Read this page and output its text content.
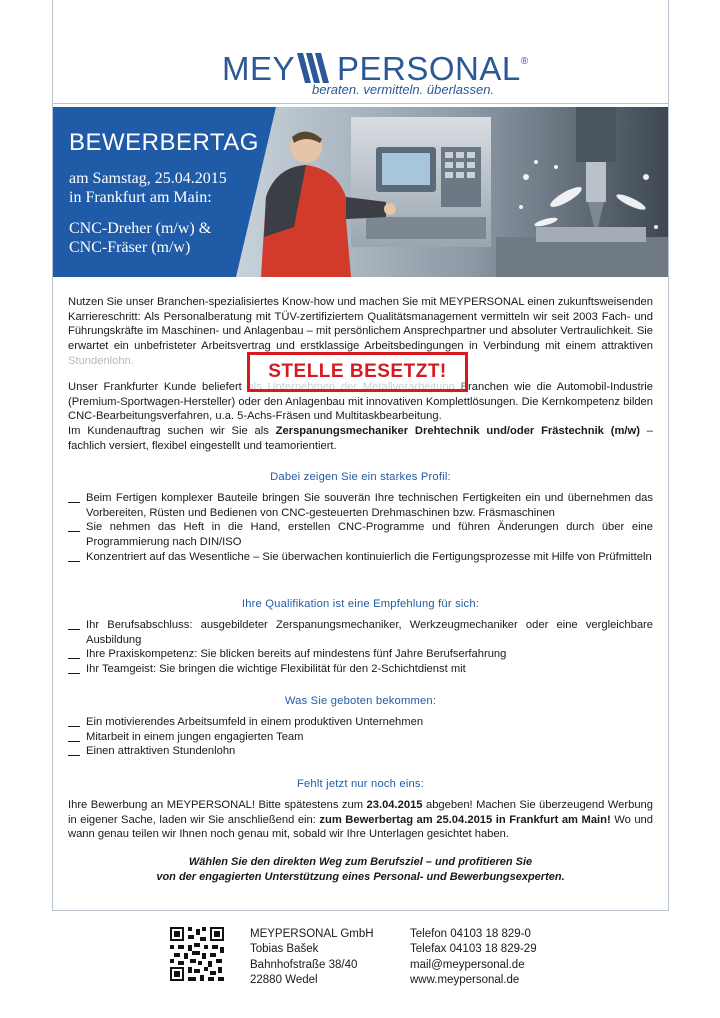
MEY PERSONAL®
beraten. vermitteln. überlassen.
BEWERBERTAG
am Samstag, 25.04.2015
in Frankfurt am Main:
CNC-Dreher (m/w) &
CNC-Fräser (m/w)

Nutzen Sie unser Branchen-spezialisiertes Know-how und machen Sie mit MEYPERSONAL einen zukunftsweisenden Karriereschritt: Als Personalberatung mit TÜV-zertifiziertem Qualitätsmanagement vermitteln wir seit 2003 Fach- und Führungskräfte im Maschinen- und Anlagenbau – mit persönlichem Ansprechpartner und absoluter Vertraulichkeit. Sie erwartet ein unbefristeter Arbeitsvertrag und erstklassige Arbeitsbedingungen in Verbindung mit einem attraktiven Stundenlohn.

Unser Frankfurter Kunde beliefert als Unternehmen der Metallverarbeitung Branchen wie die Automobil-Industrie (Premium-Sportwagen-Hersteller) oder den Anlagenbau mit innovativen Komplettlösungen. Die Kernkompetenz bilden CNC-Bearbeitungsverfahren, u.a. 5-Achs-Fräsen und Multitaskbearbeitung.
Im Kundenauftrag suchen wir Sie als Zerspanungsmechaniker Drehtechnik und/oder Frästechnik (m/w) – fachlich versiert, flexibel eingestellt und teamorientiert.

STELLE BESETZT!
Dabei zeigen Sie ein starkes Profil:
Beim Fertigen komplexer Bauteile bringen Sie souverän Ihre technischen Fertigkeiten ein und übernehmen das Vorbereiten, Rüsten und Bedienen von CNC-gesteuerten Drehmaschinen bzw. Fräsmaschinen
Sie nehmen das Heft in die Hand, erstellen CNC-Programme und führen Änderungen durch über eine Programmierung nach DIN/ISO
Konzentriert auf das Wesentliche – Sie überwachen kontinuierlich die Fertigungsprozesse mit Hilfe von Prüfmitteln
Ihre Qualifikation ist eine Empfehlung für sich:
Ihr Berufsabschluss: ausgebildeter Zerspanungsmechaniker, Werkzeugmechaniker oder eine vergleichbare Ausbildung
Ihre Praxiskompetenz: Sie blicken bereits auf mindestens fünf Jahre Berufserfahrung
Ihr Teamgeist: Sie bringen die wichtige Flexibilität für den 2-Schichtdienst mit
Was Sie geboten bekommen:
Ein motivierendes Arbeitsumfeld in einem produktiven Unternehmen
Mitarbeit in einem jungen engagierten Team
Einen attraktiven Stundenlohn
Fehlt jetzt nur noch eins:

Ihre Bewerbung an MEYPERSONAL! Bitte spätestens zum 23.04.2015 abgeben! Machen Sie überzeugend Werbung in eigener Sache, laden wir Sie anschließend ein: zum Bewerbertag am 25.04.2015 in Frankfurt am Main! Wo und wann genau teilen wir Ihnen noch genau mit, sobald wir Ihre Unterlagen gesichtet haben.

Wählen Sie den direkten Weg zum Berufsziel – und profitieren Sie
von der engagierten Unterstützung eines Personal- und Bewerbungsexperten.
MEYPERSONAL GmbH
Tobias Bašek
Bahnhofstraße 38/40
22880 Wedel
Telefon 04103 18 829-0
Telefax 04103 18 829-29
mail@meypersonal.de
www.meypersonal.de
